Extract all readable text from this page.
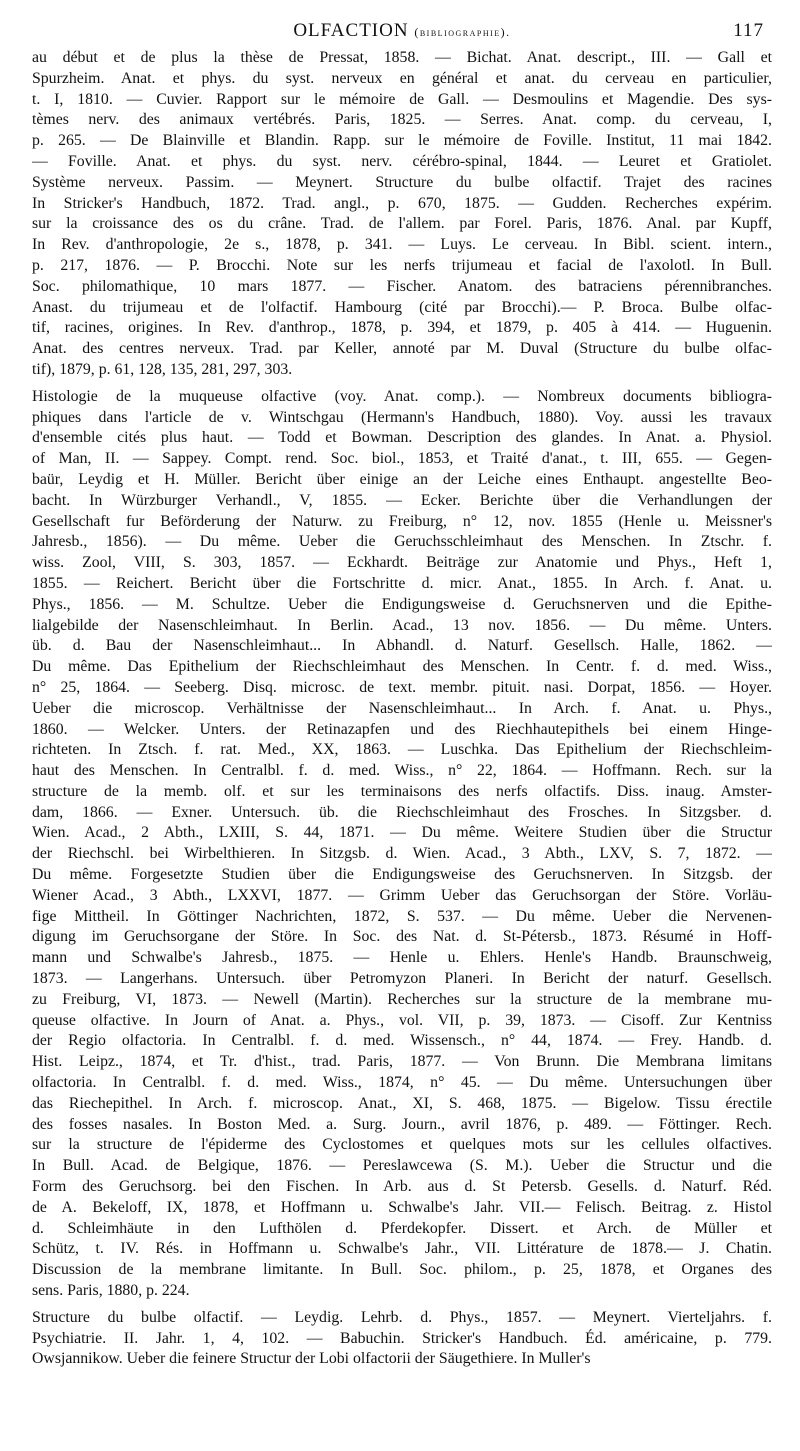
OLFACTION (bibliographie).	117
au début et de plus la thèse de Pressat, 1858. — Bichat. Anat. descript., III. — Gall et
Spurzheim. Anat. et phys. du syst. nerveux en général et anat. du cerveau en particulier,
t. I, 1810. — Cuvier. Rapport sur le mémoire de Gall. — Desmoulins et Magendie. Des sys-
tèmes nerv. des animaux vertébrés. Paris, 1825. — Serres. Anat. comp. du cerveau, I,
p. 265. — De Blainville et Blandin. Rapp. sur le mémoire de Foville. Institut, 11 mai 1842.
— Foville. Anat. et phys. du syst. nerv. cérébro-spinal, 1844. — Leuret et Gratiolet.
Système nerveux. Passim. — Meynert. Structure du bulbe olfactif. Trajet des racines
In Stricker's Handbuch, 1872. Trad. angl., p. 670, 1875. — Gudden. Recherches expérim.
sur la croissance des os du crâne. Trad. de l'allem. par Forel. Paris, 1876. Anal. par Kupff,
In Rev. d'anthropologie, 2e s., 1878, p. 341. — Luys. Le cerveau. In Bibl. scient. intern.,
p. 217, 1876. — P. Brocchi. Note sur les nerfs trijumeau et facial de l'axolotl. In Bull.
Soc. philomathique, 10 mars 1877. — Fischer. Anatom. des batraciens pérennibranches.
Anast. du trijumeau et de l'olfactif. Hambourg (cité par Brocchi).— P. Broca. Bulbe olfac-
tif, racines, origines. In Rev. d'anthrop., 1878, p. 394, et 1879, p. 405 à 414. — Huguenin.
Anat. des centres nerveux. Trad. par Keller, annoté par M. Duval (Structure du bulbe olfac-
tif), 1879, p. 61, 128, 135, 281, 297, 303.
Histologie de la muqueuse olfactive (voy. Anat. comp.). — Nombreux documents bibliogra-
phiques dans l'article de v. Wintschgau (Hermann's Handbuch, 1880). Voy. aussi les travaux
d'ensemble cités plus haut. — Todd et Bowman. Description des glandes. In Anat. a. Physiol.
of Man, II. — Sappey. Compt. rend. Soc. biol., 1853, et Traité d'anat., t. III, 655. — Gegen-
baür, Leydig et H. Müller. Bericht über einige an der Leiche eines Enthaupt. angestellte Beo-
bacht. In Würzburger Verhandl., V, 1855. — Ecker. Berichte über die Verhandlungen der
Gesellschaft fur Beförderung der Naturw. zu Freiburg, n° 12, nov. 1855 (Henle u. Meissner's
Jahresb., 1856). — Du même. Ueber die Geruchsschleimhaut des Menschen. In Ztschr. f.
wiss. Zool, VIII, S. 303, 1857. — Eckhardt. Beiträge zur Anatomie und Phys., Heft 1,
1855. — Reichert. Bericht über die Fortschritte d. micr. Anat., 1855. In Arch. f. Anat. u.
Phys., 1856. — M. Schultze. Ueber die Endigungsweise d. Geruchsnerven und die Epithe-
lialgebilde der Nasenschleimhaut. In Berlin. Acad., 13 nov. 1856. — Du même. Unters.
üb. d. Bau der Nasenschleimhaut... In Abhandl. d. Naturf. Gesellsch. Halle, 1862. —
Du même. Das Epithelium der Riechschleimhaut des Menschen. In Centr. f. d. med. Wiss.,
n° 25, 1864. — Seeberg. Disq. microsc. de text. membr. pituit. nasi. Dorpat, 1856. — Hoyer.
Ueber die microscop. Verhältnisse der Nasenschleimhaut... In Arch. f. Anat. u. Phys.,
1860. — Welcker. Unters. der Retinazapfen und des Riechhautepithels bei einem Hinge-
richteten. In Ztsch. f. rat. Med., XX, 1863. — Luschka. Das Epithelium der Riechschleim-
haut des Menschen. In Centralbl. f. d. med. Wiss., n° 22, 1864. — Hoffmann. Rech. sur la
structure de la memb. olf. et sur les terminaisons des nerfs olfactifs. Diss. inaug. Amster-
dam, 1866. — Exner. Untersuch. üb. die Riechschleimhaut des Frosches. In Sitzgsber. d.
Wien. Acad., 2 Abth., LXIII, S. 44, 1871. — Du même. Weitere Studien über die Structur
der Riechschl. bei Wirbelthieren. In Sitzgsb. d. Wien. Acad., 3 Abth., LXV, S. 7, 1872. —
Du même. Forgesetzte Studien über die Endigungsweise des Geruchsnerven. In Sitzgsb. der
Wiener Acad., 3 Abth., LXXVI, 1877. — Grimm Ueber das Geruchsorgan der Störe. Vorläu-
fige Mittheil. In Göttinger Nachrichten, 1872, S. 537. — Du même. Ueber die Nervenen-
digung im Geruchsorgane der Störe. In Soc. des Nat. d. St-Pétersb., 1873. Résumé in Hoff-
mann und Schwalbe's Jahresb., 1875. — Henle u. Ehlers. Henle's Handb. Braunschweig,
1873. — Langerhans. Untersuch. über Petromyzon Planeri. In Bericht der naturf. Gesellsch.
zu Freiburg, VI, 1873. — Newell (Martin). Recherches sur la structure de la membrane mu-
queuse olfactive. In Journ of Anat. a. Phys., vol. VII, p. 39, 1873. — Cisoff. Zur Kentniss
der Regio olfactoria. In Centralbl. f. d. med. Wissensch., n° 44, 1874. — Frey. Handb. d.
Hist. Leipz., 1874, et Tr. d'hist., trad. Paris, 1877. — Von Brunn. Die Membrana limitans
olfactoria. In Centralbl. f. d. med. Wiss., 1874, n° 45. — Du même. Untersuchungen über
das Riechepithel. In Arch. f. microscop. Anat., XI, S. 468, 1875. — Bigelow. Tissu érectile
des fosses nasales. In Boston Med. a. Surg. Journ., avril 1876, p. 489. — Föttinger. Rech.
sur la structure de l'épiderme des Cyclostomes et quelques mots sur les cellules olfactives.
In Bull. Acad. de Belgique, 1876. — Pereslawcewa (S. M.). Ueber die Structur und die
Form des Geruchsorg. bei den Fischen. In Arb. aus d. St Petersb. Gesells. d. Naturf. Réd.
de A. Bekeloff, IX, 1878, et Hoffmann u. Schwalbe's Jahr. VII.— Felisch. Beitrag. z. Histol
d. Schleimhäute in den Lufthölen d. Pferdekopfer. Dissert. et Arch. de Müller et
Schütz, t. IV. Rés. in Hoffmann u. Schwalbe's Jahr., VII. Littérature de 1878.— J. Chatin.
Discussion de la membrane limitante. In Bull. Soc. philom., p. 25, 1878, et Organes des
sens. Paris, 1880, p. 224.
Structure du bulbe olfactif. — Leydig. Lehrb. d. Phys., 1857. — Meynert. Vierteljahrs. f.
Psychiatrie. II. Jahr. 1, 4, 102. — Babuchin. Stricker's Handbuch. Éd. américaine, p. 779.
Owsjannikow. Ueber die feinere Structur der Lobi olfactorii der Säugethiere. In Muller's
